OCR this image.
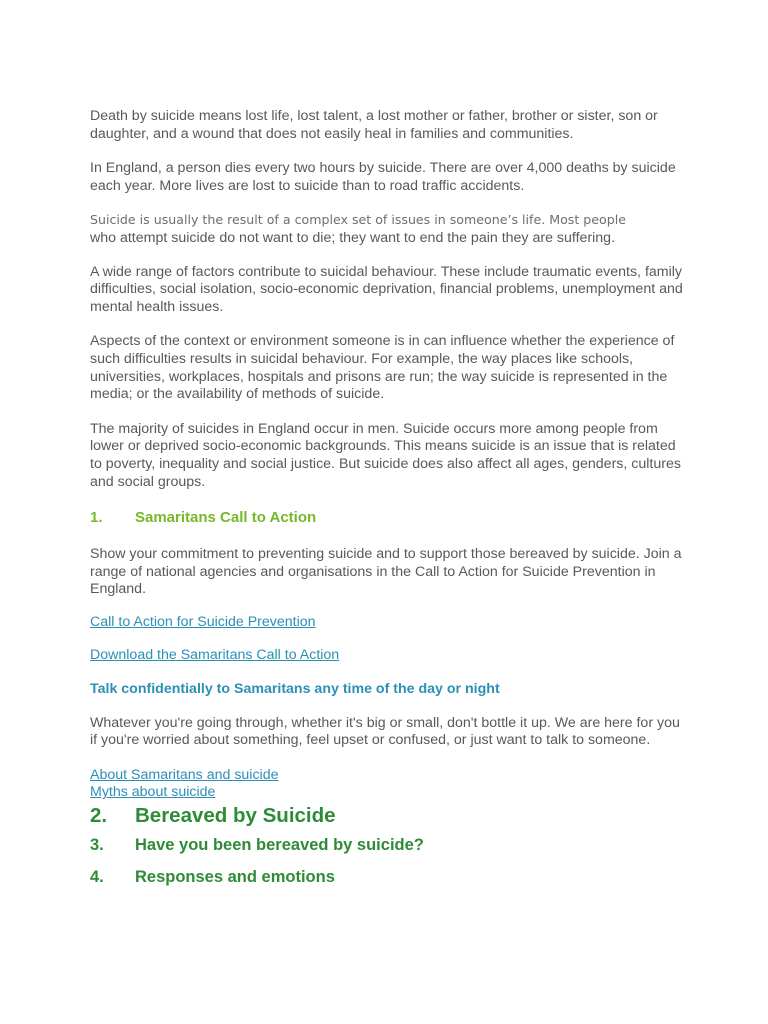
Death by suicide means lost life, lost talent, a lost mother or father, brother or sister, son or daughter, and a wound that does not easily heal in families and communities.

In England, a person dies every two hours by suicide. There are over 4,000 deaths by suicide each year. More lives are lost to suicide than to road traffic accidents.

Suicide is usually the result of a complex set of issues in someone’s life. Most people
who attempt suicide do not want to die; they want to end the pain they are suffering.

A wide range of factors contribute to suicidal behaviour. These include traumatic events, family difficulties, social isolation, socio-economic deprivation, financial problems, unemployment and mental health issues.

Aspects of the context or environment someone is in can influence whether the experience of such difficulties results in suicidal behaviour. For example, the way places like schools, universities, workplaces, hospitals and prisons are run; the way suicide is represented in the media; or the availability of methods of suicide.

The majority of suicides in England occur in men. Suicide occurs more among people from lower or deprived socio-economic backgrounds. This means suicide is an issue that is related to poverty, inequality and social justice. But suicide does also affect all ages, genders, cultures and social groups.

1.	Samaritans Call to Action

Show your commitment to preventing suicide and to support those bereaved by suicide. Join a range of national agencies and organisations in the Call to Action for Suicide Prevention in England.

Call to Action for Suicide Prevention
Download the Samaritans Call to Action
Talk confidentially to Samaritans any time of the day or night

Whatever you're going through, whether it's big or small, don't bottle it up. We are here for you if you're worried about something, feel upset or confused, or just want to talk to someone.

About Samaritans and suicide
Myths about suicide
2.	Bereaved by Suicide
3.	Have you been bereaved by suicide?
4.	Responses and emotions
